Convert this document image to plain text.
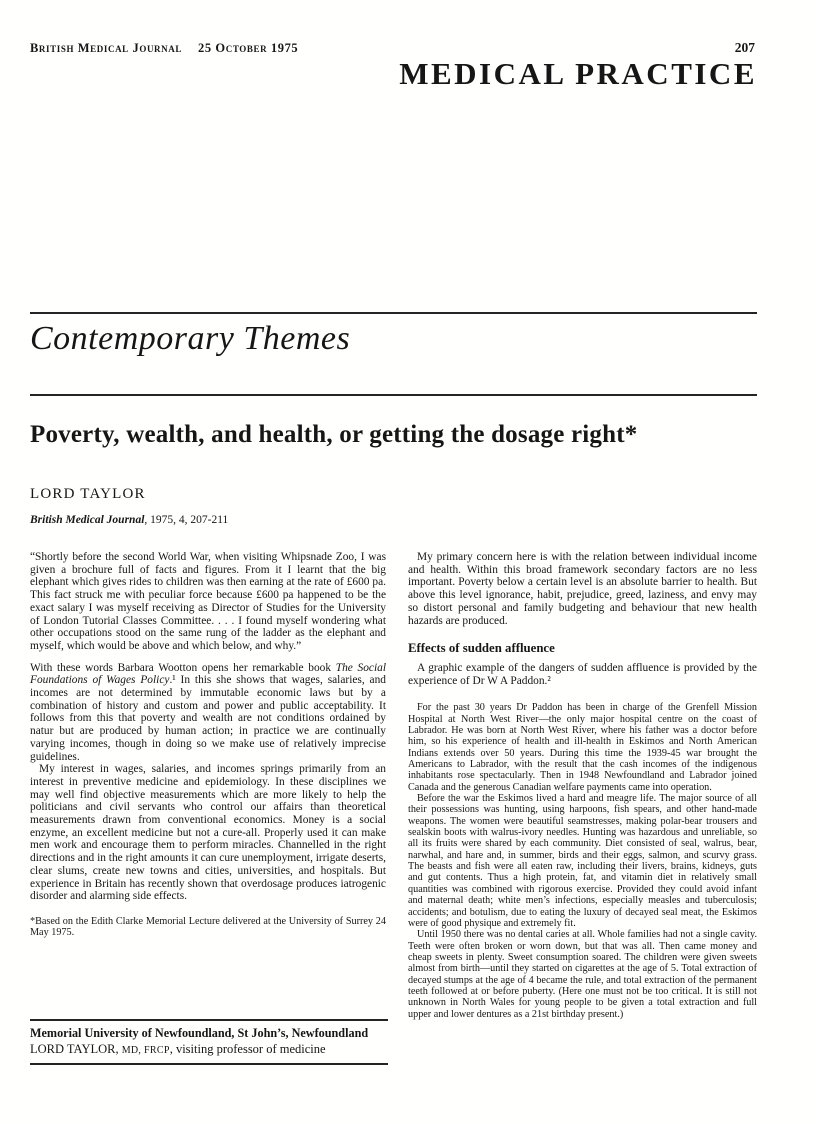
British Medical Journal 25 October 1975	207
MEDICAL PRACTICE
Contemporary Themes
Poverty, wealth, and health, or getting the dosage right*
LORD TAYLOR
British Medical Journal, 1975, 4, 207-211

“Shortly before the second World War, when visiting Whipsnade Zoo, I was given a brochure full of facts and figures. From it I learnt that the big elephant which gives rides to children was then earning at the rate of £600 pa. This fact struck me with peculiar force because £600 pa happened to be the exact salary I was myself receiving as Director of Studies for the University of London Tutorial Classes Committee. . . . I found myself wondering what other occupations stood on the same rung of the ladder as the elephant and myself, which would be above and which below, and why.”

With these words Barbara Wootton opens her remarkable book The Social Foundations of Wages Policy.¹ In this she shows that wages, salaries, and incomes are not determined by immutable economic laws but by a combination of history and custom and power and public acceptability. It follows from this that poverty and wealth are not conditions ordained by natur but are produced by human action; in practice we are continually varying incomes, though in doing so we make use of relatively imprecise guidelines.

My interest in wages, salaries, and incomes springs primarily from an interest in preventive medicine and epidemiology. In these disciplines we may well find objective measurements which are more likely to help the politicians and civil servants who control our affairs than theoretical measurements drawn from conventional economics. Money is a social enzyme, an excellent medicine but not a cure-all. Properly used it can make men work and encourage them to perform miracles. Channelled in the right directions and in the right amounts it can cure unemployment, irrigate deserts, clear slums, create new towns and cities, universities, and hospitals. But experience in Britain has recently shown that overdosage produces iatrogenic disorder and alarming side effects.

*Based on the Edith Clarke Memorial Lecture delivered at the University of Surrey 24 May 1975.

My primary concern here is with the relation between individual income and health. Within this broad framework secondary factors are no less important. Poverty below a certain level is an absolute barrier to health. But above this level ignorance, habit, prejudice, greed, laziness, and envy may so distort personal and family budgeting and behaviour that new health hazards are produced.

Effects of sudden affluence

A graphic example of the dangers of sudden affluence is provided by the experience of Dr W A Paddon.²

For the past 30 years Dr Paddon has been in charge of the Grenfell Mission Hospital at North West River—the only major hospital centre on the coast of Labrador. He was born at North West River, where his father was a doctor before him, so his experience of health and ill-health in Eskimos and North American Indians extends over 50 years. During this time the 1939-45 war brought the Americans to Labrador, with the result that the cash incomes of the indigenous inhabitants rose spectacularly. Then in 1948 Newfoundland and Labrador joined Canada and the generous Canadian welfare payments came into operation.

Before the war the Eskimos lived a hard and meagre life. The major source of all their possessions was hunting, using harpoons, fish spears, and other hand-made weapons. The women were beautiful seamstresses, making polar-bear trousers and sealskin boots with walrus-ivory needles. Hunting was hazardous and unreliable, so all its fruits were shared by each community. Diet consisted of seal, walrus, bear, narwhal, and hare and, in summer, birds and their eggs, salmon, and scurvy grass. The beasts and fish were all eaten raw, including their livers, brains, kidneys, guts and gut contents. Thus a high protein, fat, and vitamin diet in relatively small quantities was combined with rigorous exercise. Provided they could avoid infant and maternal death; white men’s infections, especially measles and tuberculosis; accidents; and botulism, due to eating the luxury of decayed seal meat, the Eskimos were of good physique and extremely fit.

Until 1950 there was no dental caries at all. Whole families had not a single cavity. Teeth were often broken or worn down, but that was all. Then came money and cheap sweets in plenty. Sweet consumption soared. The children were given sweets almost from birth—until they started on cigarettes at the age of 5. Total extraction of decayed stumps at the age of 4 became the rule, and total extraction of the permanent teeth followed at or before puberty. (Here one must not be too critical. It is still not unknown in North Wales for young people to be given a total extraction and full upper and lower dentures as a 21st birthday present.)

Memorial University of Newfoundland, St John’s, Newfoundland
LORD TAYLOR, MD, FRCP, visiting professor of medicine
